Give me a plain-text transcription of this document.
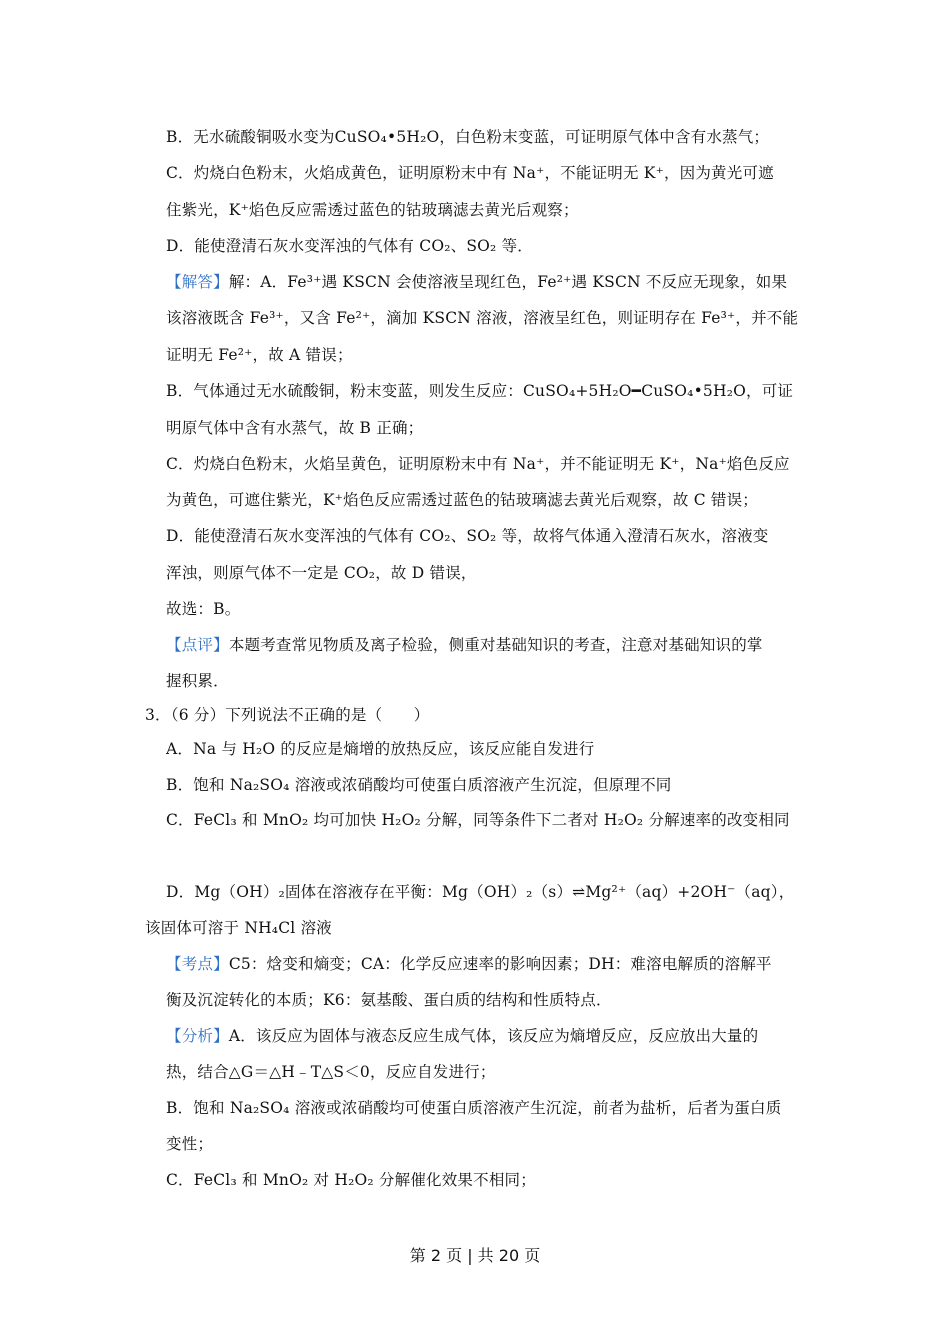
B．无水硫酸铜吸水变为CuSO₄•5H₂O，白色粉末变蓝，可证明原气体中含有水蒸气；
C．灼烧白色粉末，火焰成黄色，证明原粉末中有 Na⁺，不能证明无 K⁺，因为黄光可遮
住紫光，K⁺焰色反应需透过蓝色的钴玻璃滤去黄光后观察；
D．能使澄清石灰水变浑浊的气体有 CO₂、SO₂ 等．
【解答】解：A．Fe³⁺遇 KSCN 会使溶液呈现红色，Fe²⁺遇 KSCN 不反应无现象，如果
该溶液既含 Fe³⁺，又含 Fe²⁺，滴加 KSCN 溶液，溶液呈红色，则证明存在 Fe³⁺，并不能
证明无 Fe²⁺，故 A 错误；
B．气体通过无水硫酸铜，粉末变蓝，则发生反应：CuSO₄+5H₂O━CuSO₄•5H₂O，可证
明原气体中含有水蒸气，故 B 正确；
C．灼烧白色粉末，火焰呈黄色，证明原粉末中有 Na⁺，并不能证明无 K⁺，Na⁺焰色反应
为黄色，可遮住紫光，K⁺焰色反应需透过蓝色的钴玻璃滤去黄光后观察，故 C 错误；
D．能使澄清石灰水变浑浊的气体有 CO₂、SO₂ 等，故将气体通入澄清石灰水，溶液变
浑浊，则原气体不一定是 CO₂，故 D 错误，
故选：B。
【点评】本题考查常见物质及离子检验，侧重对基础知识的考查，注意对基础知识的掌
握积累．
3．（6 分）下列说法不正确的是（　　）
A．Na 与 H₂O 的反应是熵增的放热反应，该反应能自发进行
B．饱和 Na₂SO₄ 溶液或浓硝酸均可使蛋白质溶液产生沉淀，但原理不同
C．FeCl₃ 和 MnO₂ 均可加快 H₂O₂ 分解，同等条件下二者对 H₂O₂ 分解速率的改变相同
D．Mg（OH）₂固体在溶液存在平衡：Mg（OH）₂（s）⇌Mg²⁺（aq）+2OH⁻（aq），
该固体可溶于 NH₄Cl 溶液
【考点】C5：焓变和熵变；CA：化学反应速率的影响因素；DH：难溶电解质的溶解平
衡及沉淀转化的本质；K6：氨基酸、蛋白质的结构和性质特点．
【分析】A．该反应为固体与液态反应生成气体，该反应为熵增反应，反应放出大量的
热，结合△G＝△H﹣T△S＜0，反应自发进行；
B．饱和 Na₂SO₄ 溶液或浓硝酸均可使蛋白质溶液产生沉淀，前者为盐析，后者为蛋白质
变性；
C．FeCl₃ 和 MnO₂ 对 H₂O₂ 分解催化效果不相同；
第 2 页 | 共 20 页
